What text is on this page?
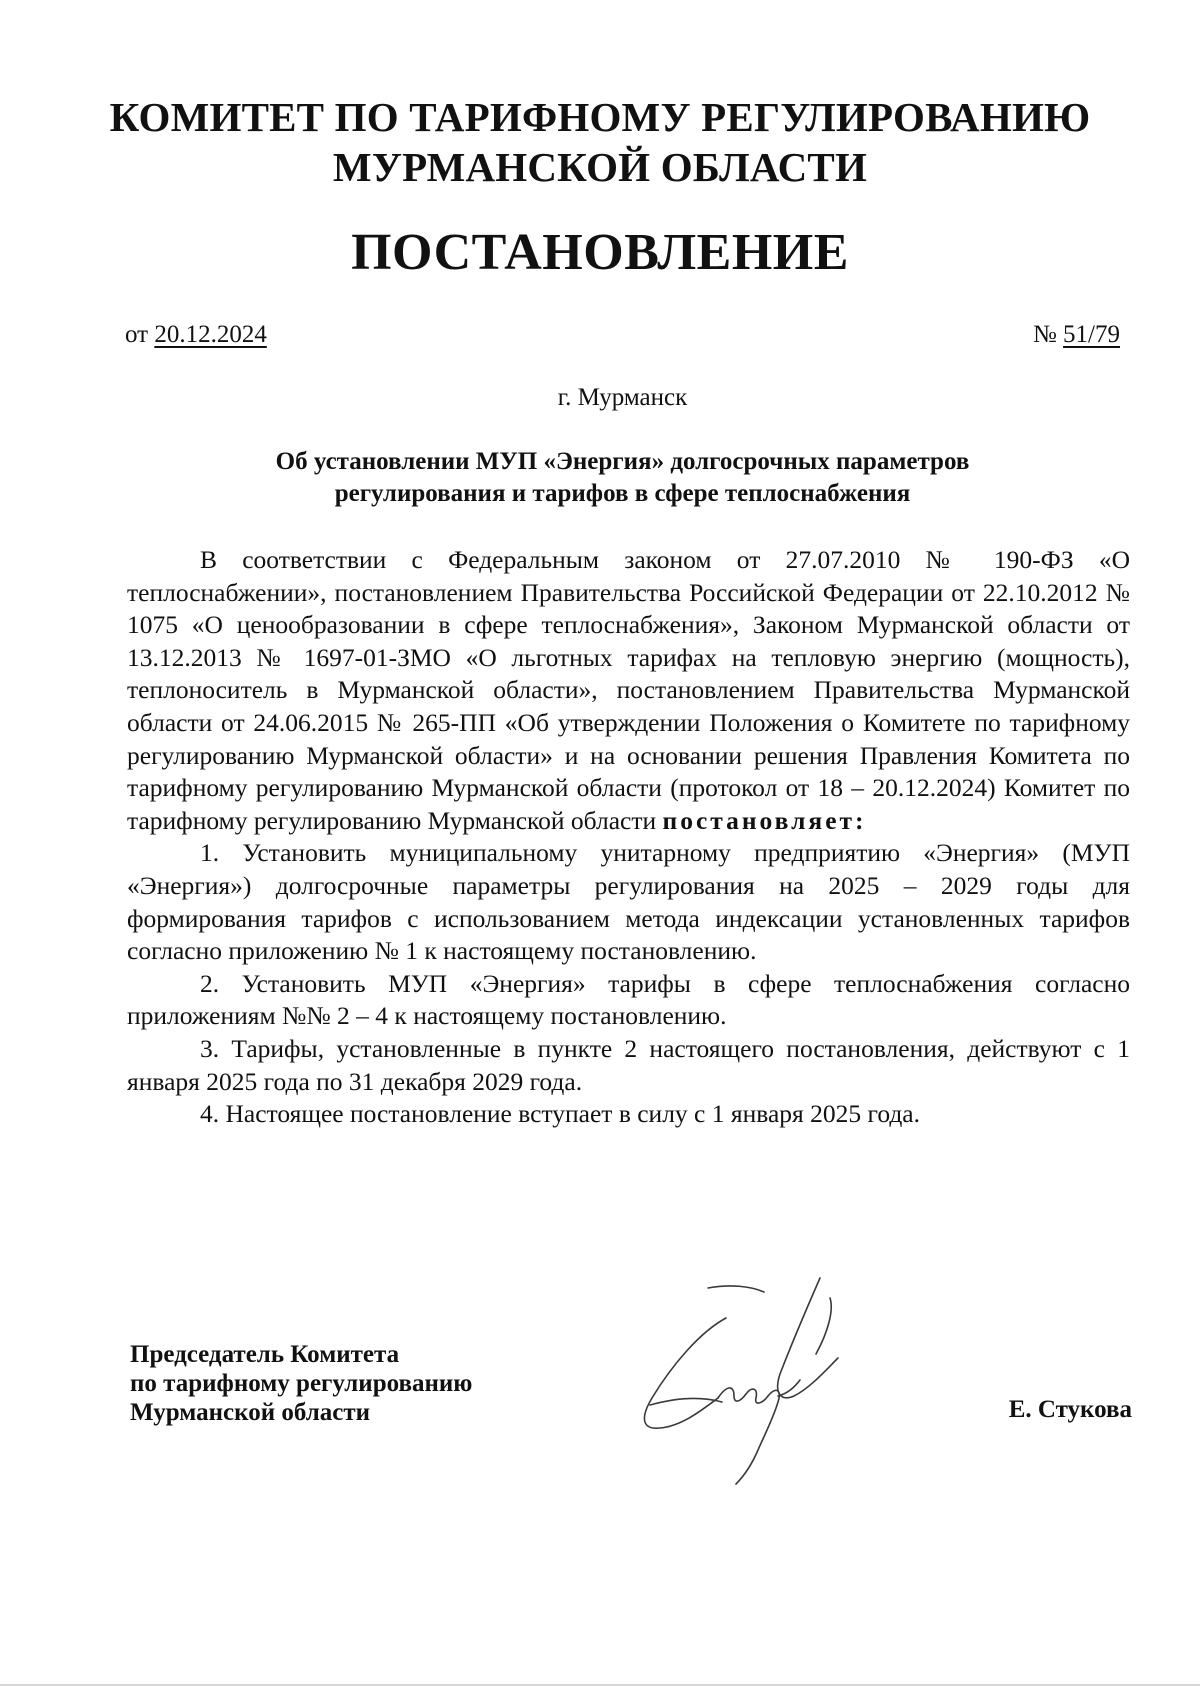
КОМИТЕТ ПО ТАРИФНОМУ РЕГУЛИРОВАНИЮ
МУРМАНСКОЙ ОБЛАСТИ
ПОСТАНОВЛЕНИЕ
от 20.12.2024	№ 51/79
г. Мурманск
Об установлении МУП «Энергия» долгосрочных параметров
регулирования и тарифов в сфере теплоснабжения

В соответствии с Федеральным законом от 27.07.2010 № 190-ФЗ «О теплоснабжении», постановлением Правительства Российской Федерации от 22.10.2012 № 1075 «О ценообразовании в сфере теплоснабжения», Законом Мурманской области от 13.12.2013 № 1697-01-ЗМО «О льготных тарифах на тепловую энергию (мощность), теплоноситель в Мурманской области», постановлением Правительства Мурманской области от 24.06.2015 № 265-ПП «Об утверждении Положения о Комитете по тарифному регулированию Мурманской области» и на основании решения Правления Комитета по тарифному регулированию Мурманской области (протокол от 18 – 20.12.2024) Комитет по тарифному регулированию Мурманской области постановляет:

1. Установить муниципальному унитарному предприятию «Энергия» (МУП «Энергия») долгосрочные параметры регулирования на 2025 – 2029 годы для формирования тарифов с использованием метода индексации установленных тарифов согласно приложению № 1 к настоящему постановлению.

2. Установить МУП «Энергия» тарифы в сфере теплоснабжения согласно приложениям №№ 2 – 4 к настоящему постановлению.

3. Тарифы, установленные в пункте 2 настоящего постановления, действуют с 1 января 2025 года по 31 декабря 2029 года.

4. Настоящее постановление вступает в силу с 1 января 2025 года.

Председатель Комитета
по тарифному регулированию
Мурманской области	Е. Стукова
